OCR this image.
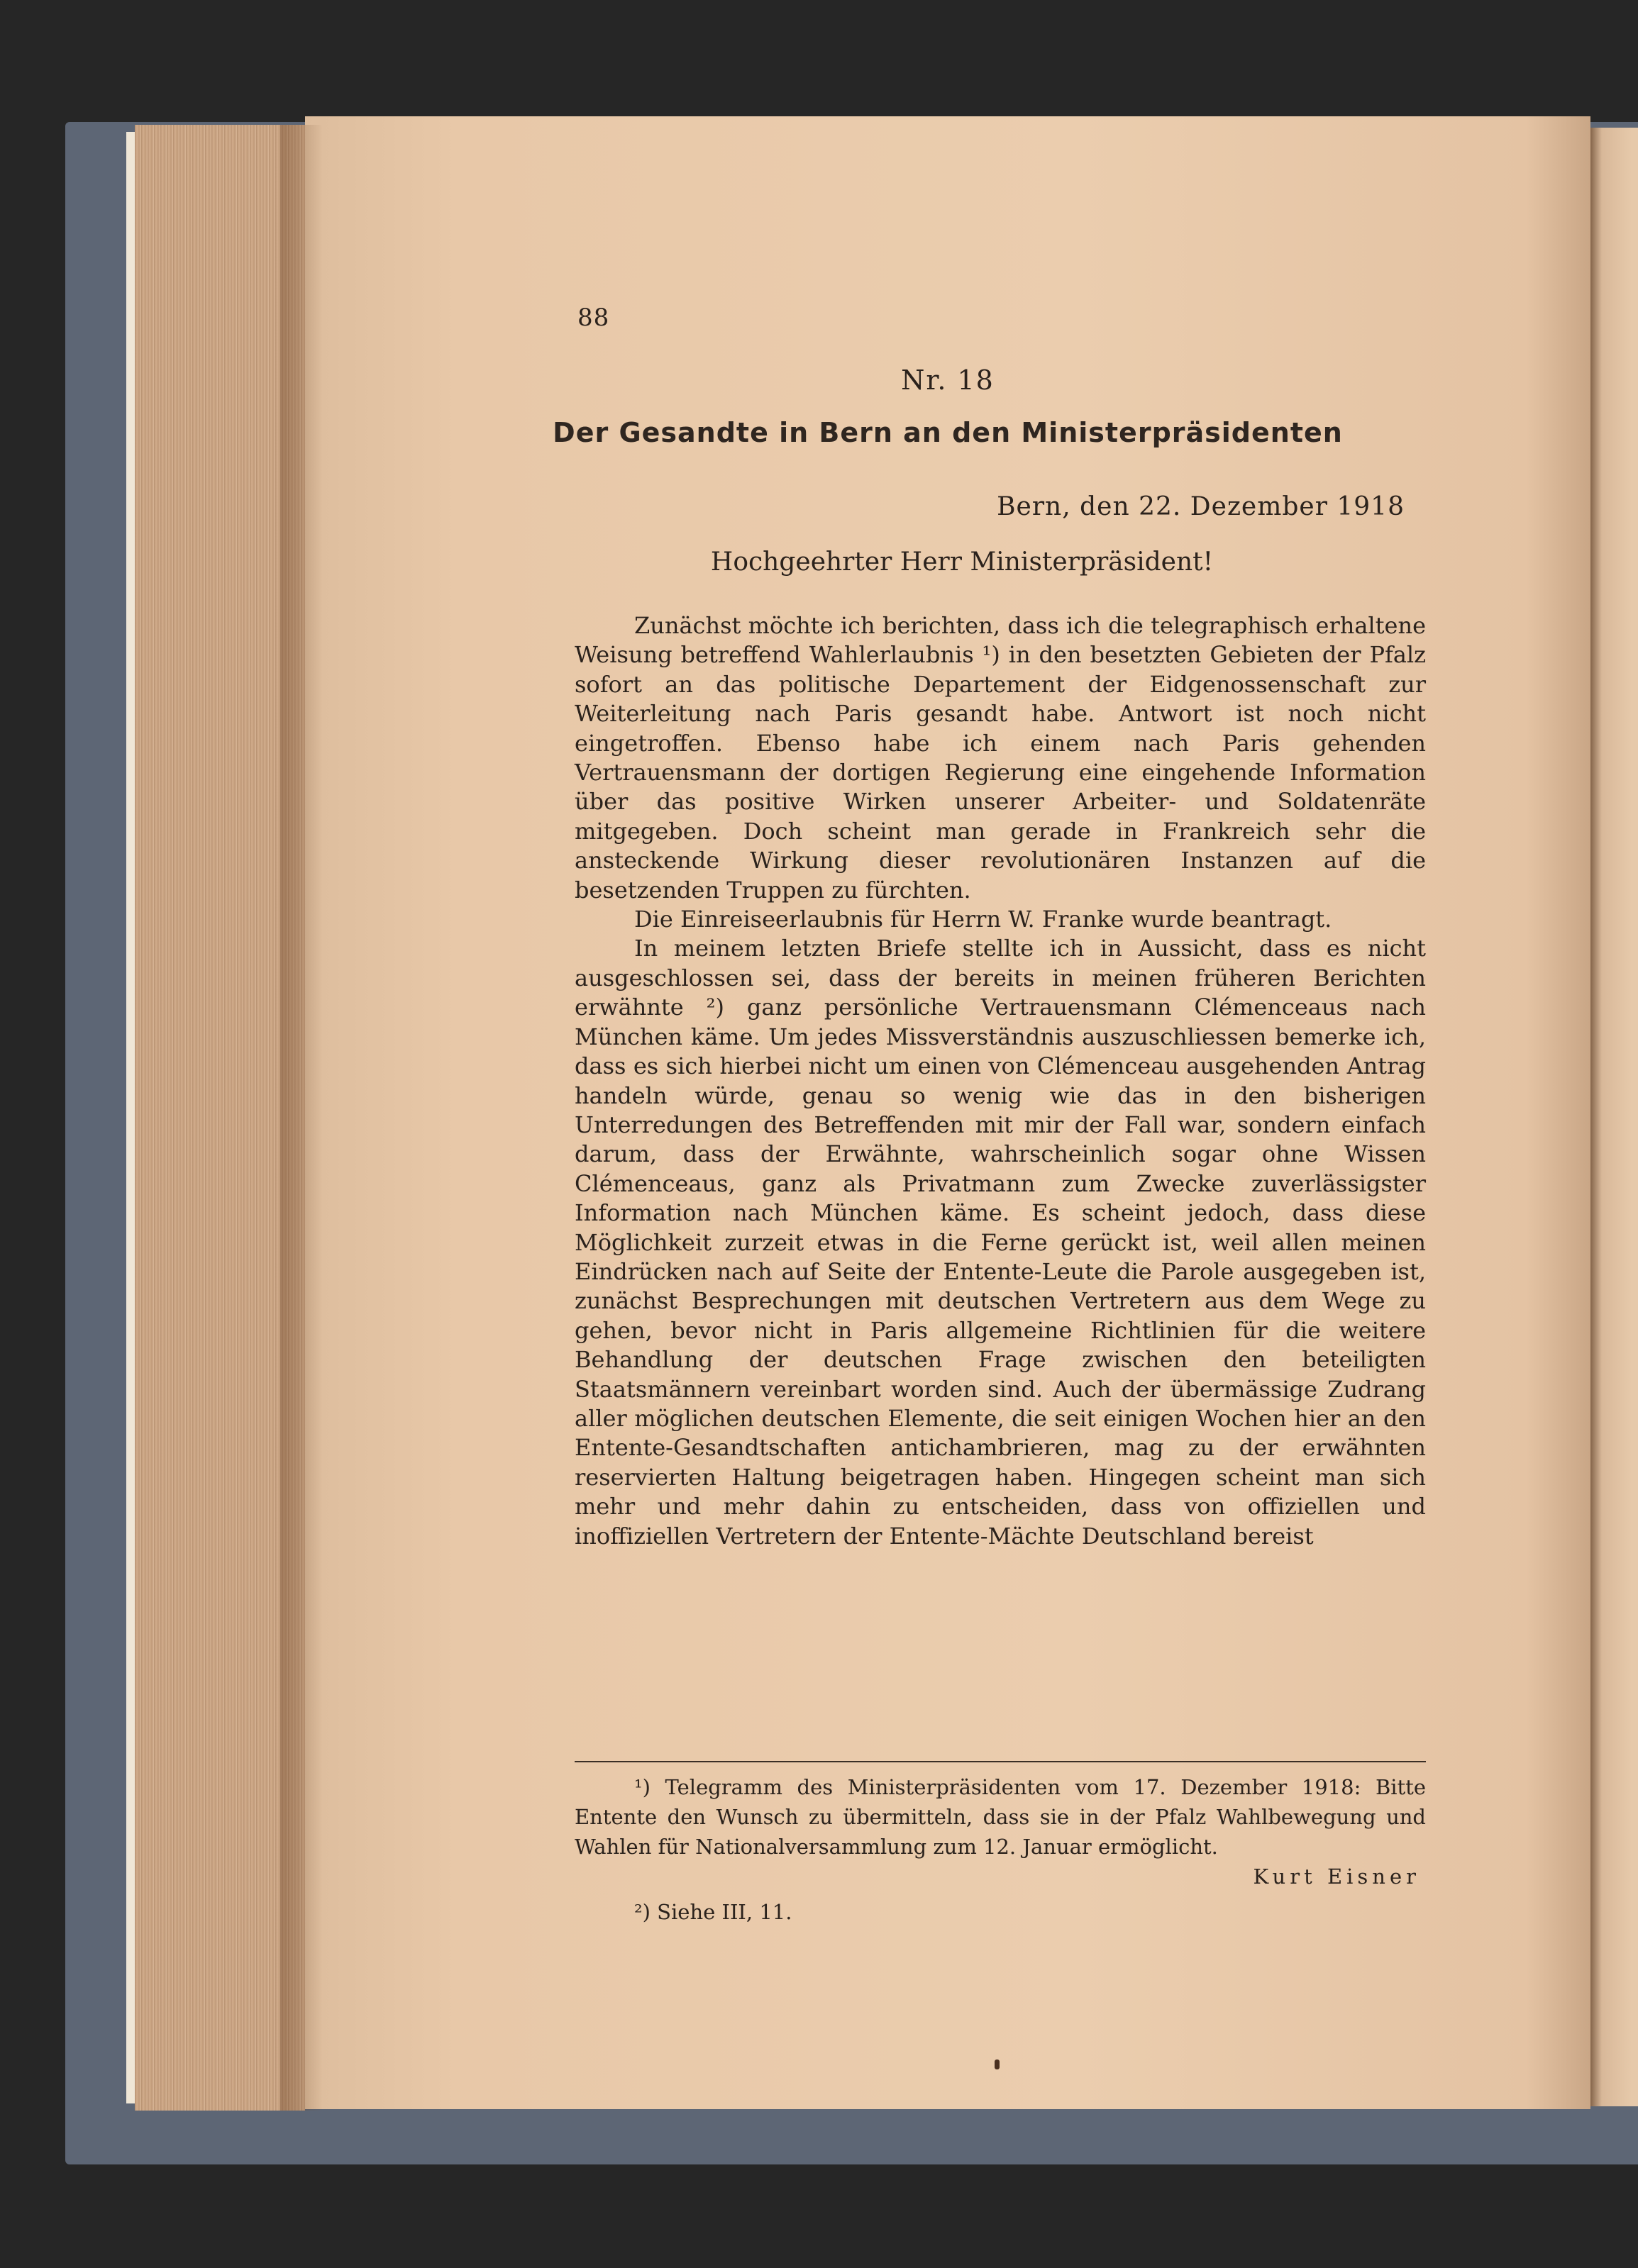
88
Nr. 18
Der Gesandte in Bern an den Ministerpräsidenten
Bern, den 22. Dezember 1918
Hochgeehrter Herr Ministerpräsident!

Zunächst möchte ich berichten, dass ich die telegraphisch erhaltene Weisung betreffend Wahlerlaubnis ¹) in den besetzten Gebieten der Pfalz sofort an das politische Departement der Eidgenossenschaft zur Weiterleitung nach Paris gesandt habe. Antwort ist noch nicht eingetroffen. Ebenso habe ich einem nach Paris gehenden Vertrauensmann der dortigen Regierung eine eingehende Information über das positive Wirken unserer Arbeiter- und Soldatenräte mitgegeben. Doch scheint man gerade in Frankreich sehr die ansteckende Wirkung dieser revolutionären Instanzen auf die besetzenden Truppen zu fürchten.

Die Einreiseerlaubnis für Herrn W. Franke wurde beantragt.

In meinem letzten Briefe stellte ich in Aussicht, dass es nicht ausgeschlossen sei, dass der bereits in meinen früheren Berichten erwähnte ²) ganz persönliche Vertrauensmann Clémenceaus nach München käme. Um jedes Missverständnis auszuschliessen bemerke ich, dass es sich hierbei nicht um einen von Clémenceau ausgehenden Antrag handeln würde, genau so wenig wie das in den bisherigen Unterredungen des Betreffenden mit mir der Fall war, sondern einfach darum, dass der Erwähnte, wahrscheinlich sogar ohne Wissen Clémenceaus, ganz als Privatmann zum Zwecke zuverlässigster Information nach München käme. Es scheint jedoch, dass diese Möglichkeit zurzeit etwas in die Ferne gerückt ist, weil allen meinen Eindrücken nach auf Seite der Entente-Leute die Parole ausgegeben ist, zunächst Besprechungen mit deutschen Vertretern aus dem Wege zu gehen, bevor nicht in Paris allgemeine Richtlinien für die weitere Behandlung der deutschen Frage zwischen den beteiligten Staatsmännern vereinbart worden sind. Auch der übermässige Zudrang aller möglichen deutschen Elemente, die seit einigen Wochen hier an den Entente-Gesandtschaften antichambrieren, mag zu der erwähnten reservierten Haltung beigetragen haben. Hingegen scheint man sich mehr und mehr dahin zu entscheiden, dass von offiziellen und inoffiziellen Vertretern der Entente-Mächte Deutschland bereist

¹) Telegramm des Ministerpräsidenten vom 17. Dezember 1918: Bitte Entente den Wunsch zu übermitteln, dass sie in der Pfalz Wahlbewegung und Wahlen für Nationalversammlung zum 12. Januar ermöglicht.

Kurt Eisner

²) Siehe III, 11.
